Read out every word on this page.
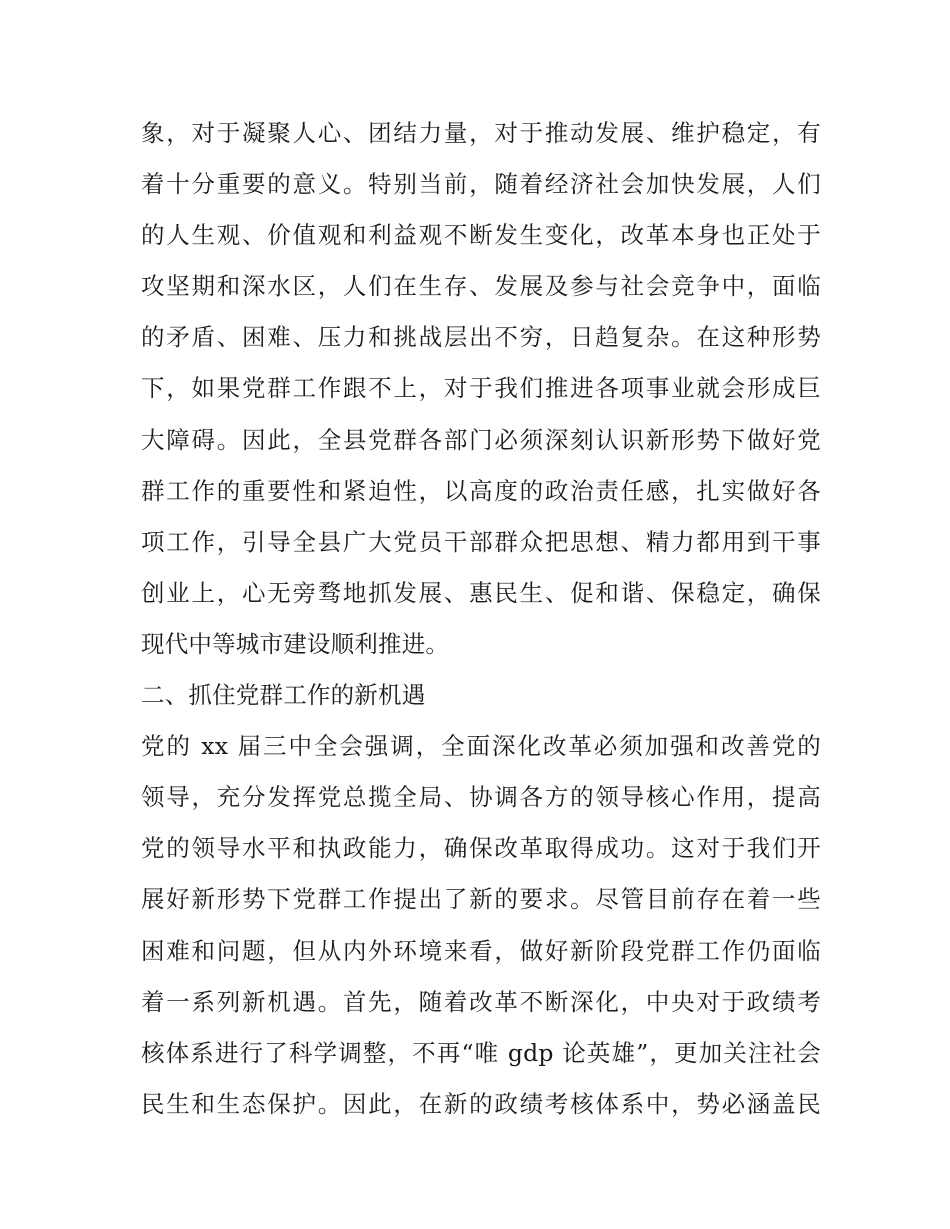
象，对于凝聚人心、团结力量，对于推动发展、维护稳定，有
着十分重要的意义。特别当前，随着经济社会加快发展，人们
的人生观、价值观和利益观不断发生变化，改革本身也正处于
攻坚期和深水区，人们在生存、发展及参与社会竞争中，面临
的矛盾、困难、压力和挑战层出不穷，日趋复杂。在这种形势
下，如果党群工作跟不上，对于我们推进各项事业就会形成巨
大障碍。因此，全县党群各部门必须深刻认识新形势下做好党
群工作的重要性和紧迫性，以高度的政治责任感，扎实做好各
项工作，引导全县广大党员干部群众把思想、精力都用到干事
创业上，心无旁骛地抓发展、惠民生、促和谐、保稳定，确保
现代中等城市建设顺利推进。
二、抓住党群工作的新机遇
党的 xx 届三中全会强调，全面深化改革必须加强和改善党的
领导，充分发挥党总揽全局、协调各方的领导核心作用，提高
党的领导水平和执政能力，确保改革取得成功。这对于我们开
展好新形势下党群工作提出了新的要求。尽管目前存在着一些
困难和问题，但从内外环境来看，做好新阶段党群工作仍面临
着一系列新机遇。首先，随着改革不断深化，中央对于政绩考
核体系进行了科学调整，不再“唯 gdp 论英雄”，更加关注社会
民生和生态保护。因此，在新的政绩考核体系中，势必涵盖民
